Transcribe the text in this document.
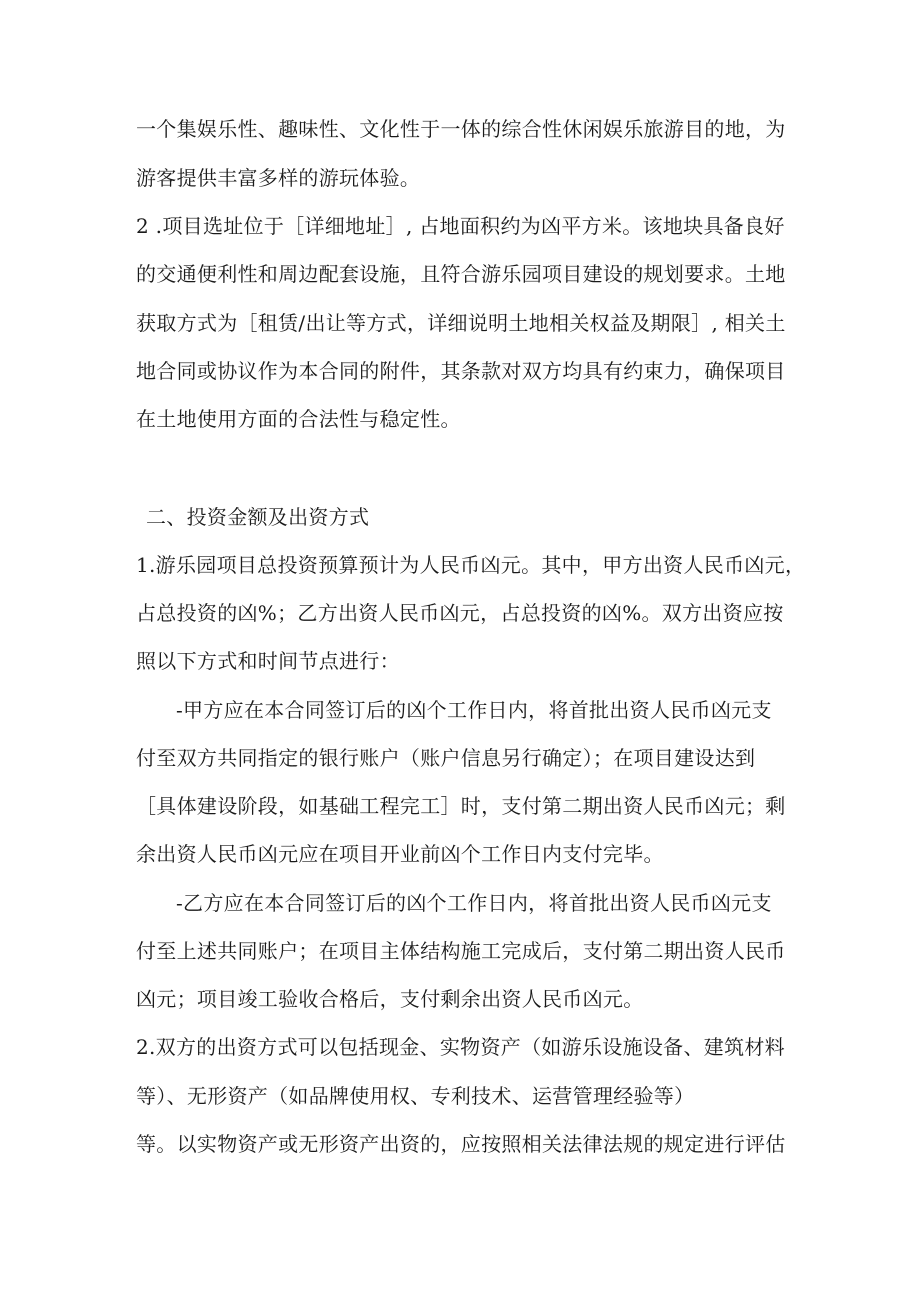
一个集娱乐性、趣味性、文化性于一体的综合性休闲娱乐旅游目的地，为
游客提供丰富多样的游玩体验。
2 .项目选址位于［详细地址］, 占地面积约为凶平方米。该地块具备良好
的交通便利性和周边配套设施，且符合游乐园项目建设的规划要求。土地
获取方式为［租赁/出让等方式，详细说明土地相关权益及期限］, 相关土
地合同或协议作为本合同的附件，其条款对双方均具有约束力，确保项目
在土地使用方面的合法性与稳定性。
二、投资金额及出资方式
1.游乐园项目总投资预算预计为人民币凶元。其中，甲方出资人民币凶元，
占总投资的凶%；乙方出资人民币凶元，占总投资的凶%。双方出资应按
照以下方式和时间节点进行：
-甲方应在本合同签订后的凶个工作日内，将首批出资人民币凶元支
付至双方共同指定的银行账户（账户信息另行确定）；在项目建设达到
［具体建设阶段，如基础工程完工］时，支付第二期出资人民币凶元；剩
余出资人民币凶元应在项目开业前凶个工作日内支付完毕。
-乙方应在本合同签订后的凶个工作日内，将首批出资人民币凶元支
付至上述共同账户；在项目主体结构施工完成后，支付第二期出资人民币
凶元；项目竣工验收合格后，支付剩余出资人民币凶元。
2.双方的出资方式可以包括现金、实物资产（如游乐设施设备、建筑材料
等）、无形资产（如品牌使用权、专利技术、运营管理经验等）
等。以实物资产或无形资产出资的，应按照相关法律法规的规定进行评估
